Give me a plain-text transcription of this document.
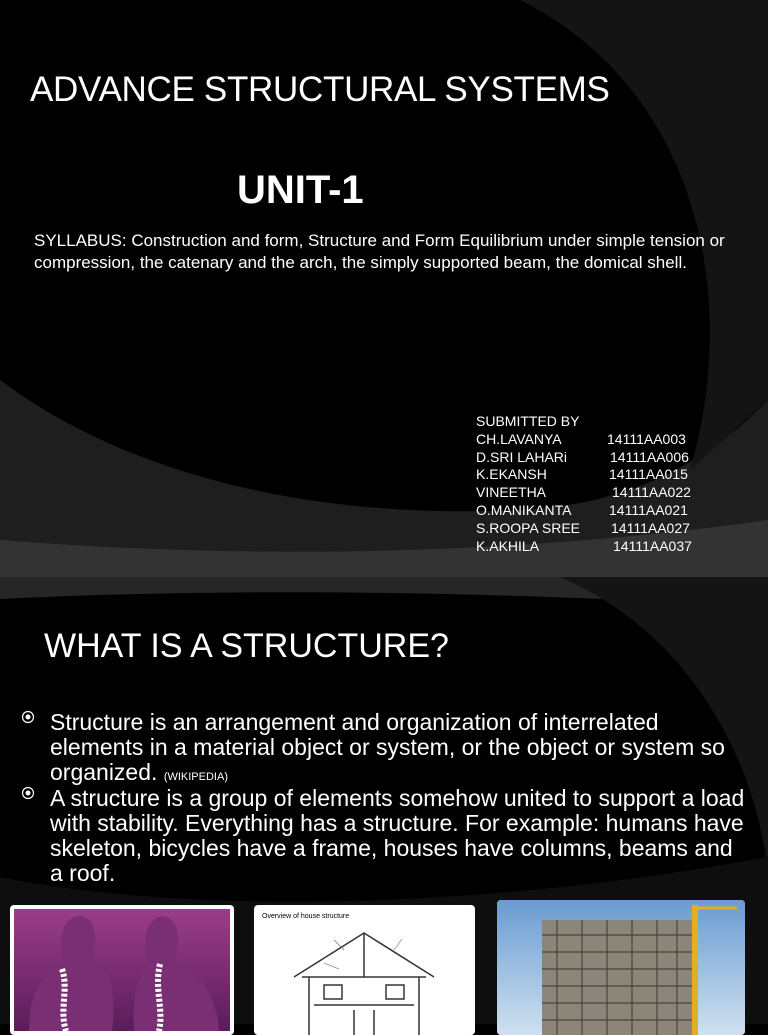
ADVANCE STRUCTURAL SYSTEMS
UNIT-1
SYLLABUS: Construction and form, Structure and Form Equilibrium under simple tension or compression, the catenary and the arch, the simply supported beam, the domical shell.
SUBMITTED BY
CH.LAVANYA	14111AA003
D.SRI LAHARi	14111AA006
K.EKANSH	14111AA015
VINEETHA	14111AA022
O.MANIKANTA	14111AA021
S.ROOPA SREE 14111AA027
K.AKHILA	14111AA037
WHAT IS A STRUCTURE?
Structure is an arrangement and organization of interrelated elements in a material object or system, or the object or system so organized. (WIKIPEDIA)
A structure is a group of elements somehow united to support a load with stability. Everything has a structure. For example: humans have skeleton, bicycles have a frame, houses have columns, beams and a roof.
Overview of house structure
